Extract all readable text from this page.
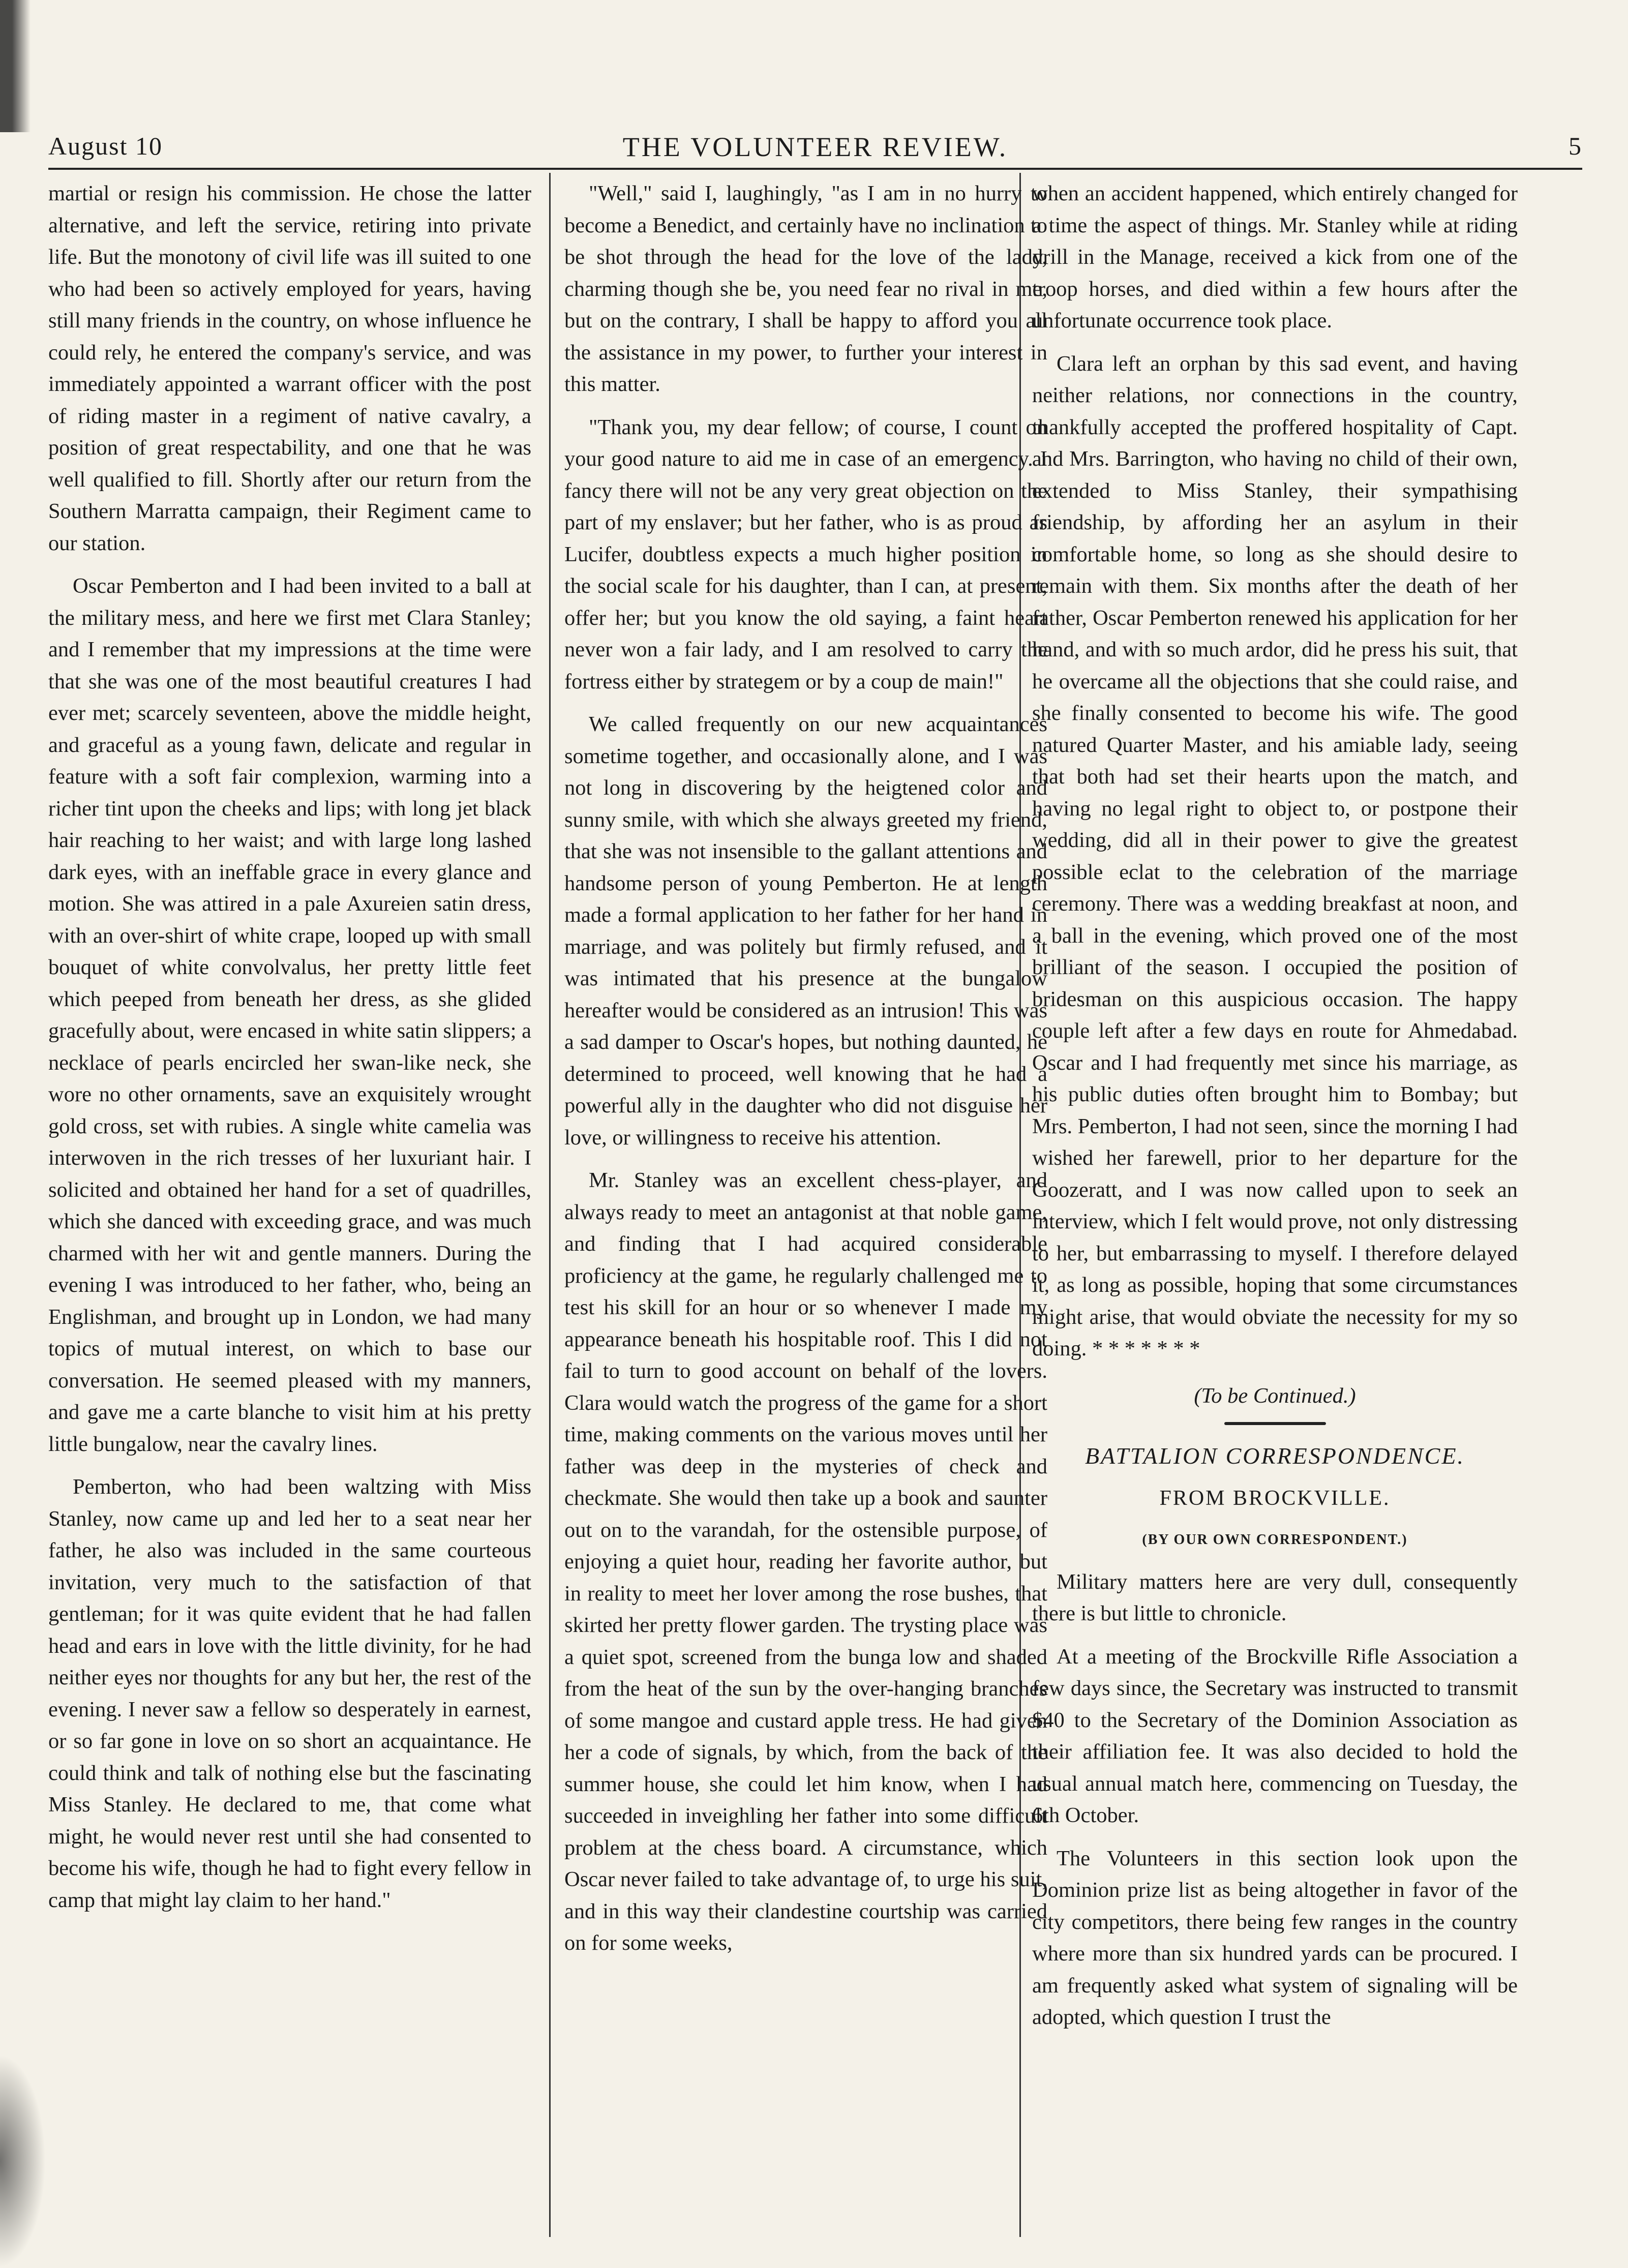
August 10	THE VOLUNTEER REVIEW.	5

martial or resign his commission. He chose the latter alternative, and left the service, retiring into private life. But the monotony of civil life was ill suited to one who had been so actively employed for years, having still many friends in the country, on whose influence he could rely, he entered the company's service, and was immediately appointed a warrant officer with the post of riding master in a regiment of native cavalry, a position of great respectability, and one that he was well qualified to fill. Shortly after our return from the Southern Marratta campaign, their Regiment came to our station.

Oscar Pemberton and I had been invited to a ball at the military mess, and here we first met Clara Stanley; and I remember that my impressions at the time were that she was one of the most beautiful creatures I had ever met; scarcely seventeen, above the middle height, and graceful as a young fawn, delicate and regular in feature with a soft fair complexion, warming into a richer tint upon the cheeks and lips; with long jet black hair reaching to her waist; and with large long lashed dark eyes, with an ineffable grace in every glance and motion. She was attired in a pale Axureien satin dress, with an over-shirt of white crape, looped up with small bouquet of white convolvalus, her pretty little feet which peeped from beneath her dress, as she glided gracefully about, were encased in white satin slippers; a necklace of pearls encircled her swan-like neck, she wore no other ornaments, save an exquisitely wrought gold cross, set with rubies. A single white camelia was interwoven in the rich tresses of her luxuriant hair. I solicited and obtained her hand for a set of quadrilles, which she danced with exceeding grace, and was much charmed with her wit and gentle manners. During the evening I was introduced to her father, who, being an Englishman, and brought up in London, we had many topics of mutual interest, on which to base our conversation. He seemed pleased with my manners, and gave me a carte blanche to visit him at his pretty little bungalow, near the cavalry lines.

Pemberton, who had been waltzing with Miss Stanley, now came up and led her to a seat near her father, he also was included in the same courteous invitation, very much to the satisfaction of that gentleman; for it was quite evident that he had fallen head and ears in love with the little divinity, for he had neither eyes nor thoughts for any but her, the rest of the evening. I never saw a fellow so desperately in earnest, or so far gone in love on so short an acquaintance. He could think and talk of nothing else but the fascinating Miss Stanley. He declared to me, that come what might, he would never rest until she had consented to become his wife, though he had to fight every fellow in camp that might lay claim to her hand."

"Well," said I, laughingly, "as I am in no hurry to become a Benedict, and certainly have no inclination to be shot through the head for the love of the lady, charming though she be, you need fear no rival in me, but on the contrary, I shall be happy to afford you all the assistance in my power, to further your interest in this matter.

"Thank you, my dear fellow; of course, I count on your good nature to aid me in case of an emergency. I fancy there will not be any very great objection on the part of my enslaver; but her father, who is as proud as Lucifer, doubtless expects a much higher position in the social scale for his daughter, than I can, at present, offer her; but you know the old saying, a faint heart never won a fair lady, and I am resolved to carry the fortress either by strategem or by a coup de main!"

We called frequently on our new acquaintances sometime together, and occasionally alone, and I was not long in discovering by the heigtened color and sunny smile, with which she always greeted my friend, that she was not insensible to the gallant attentions and handsome person of young Pemberton. He at length made a formal application to her father for her hand in marriage, and was politely but firmly refused, and it was intimated that his presence at the bungalow hereafter would be considered as an intrusion! This was a sad damper to Oscar's hopes, but nothing daunted, he determined to proceed, well knowing that he had a powerful ally in the daughter who did not disguise her love, or willingness to receive his attention.

Mr. Stanley was an excellent chess-player, and always ready to meet an antagonist at that noble game, and finding that I had acquired considerable proficiency at the game, he regularly challenged me to test his skill for an hour or so whenever I made my appearance beneath his hospitable roof. This I did not fail to turn to good account on behalf of the lovers. Clara would watch the progress of the game for a short time, making comments on the various moves until her father was deep in the mysteries of check and checkmate. She would then take up a book and saunter out on to the varandah, for the ostensible purpose, of enjoying a quiet hour, reading her favorite author, but in reality to meet her lover among the rose bushes, that skirted her pretty flower garden. The trysting place was a quiet spot, screened from the bunga low and shaded from the heat of the sun by the over-hanging branches of some mangoe and custard apple tress. He had given her a code of signals, by which, from the back of the summer house, she could let him know, when I had succeeded in inveighling her father into some difficult problem at the chess board. A circumstance, which Oscar never failed to take advantage of, to urge his suit, and in this way their clandestine courtship was carried on for some weeks,

when an accident happened, which entirely changed for a time the aspect of things. Mr. Stanley while at riding drill in the Manage, received a kick from one of the troop horses, and died within a few hours after the unfortunate occurrence took place.

Clara left an orphan by this sad event, and having neither relations, nor connections in the country, thankfully accepted the proffered hospitality of Capt. and Mrs. Barrington, who having no child of their own, extended to Miss Stanley, their sympathising friendship, by affording her an asylum in their comfortable home, so long as she should desire to remain with them. Six months after the death of her father, Oscar Pemberton renewed his application for her hand, and with so much ardor, did he press his suit, that he overcame all the objections that she could raise, and she finally consented to become his wife. The good natured Quarter Master, and his amiable lady, seeing that both had set their hearts upon the match, and having no legal right to object to, or postpone their wedding, did all in their power to give the greatest possible eclat to the celebration of the marriage ceremony. There was a wedding breakfast at noon, and a ball in the evening, which proved one of the most brilliant of the season. I occupied the position of bridesman on this auspicious occasion. The happy couple left after a few days en route for Ahmedabad. Oscar and I had frequently met since his marriage, as his public duties often brought him to Bombay; but Mrs. Pemberton, I had not seen, since the morning I had wished her farewell, prior to her departure for the Goozeratt, and I was now called upon to seek an interview, which I felt would prove, not only distressing to her, but embarrassing to myself. I therefore delayed it, as long as possible, hoping that some circumstances might arise, that would obviate the necessity for my so doing. * * * * * * *

(To be Continued.)
BATTALION CORRESPONDENCE.
FROM BROCKVILLE.
(BY OUR OWN CORRESPONDENT.)

Military matters here are very dull, consequently there is but little to chronicle.

At a meeting of the Brockville Rifle Association a few days since, the Secretary was instructed to transmit $40 to the Secretary of the Dominion Association as their affiliation fee. It was also decided to hold the usual annual match here, commencing on Tuesday, the 6th October.

The Volunteers in this section look upon the Dominion prize list as being altogether in favor of the city competitors, there being few ranges in the country where more than six hundred yards can be procured. I am frequently asked what system of signaling will be adopted, which question I trust the
